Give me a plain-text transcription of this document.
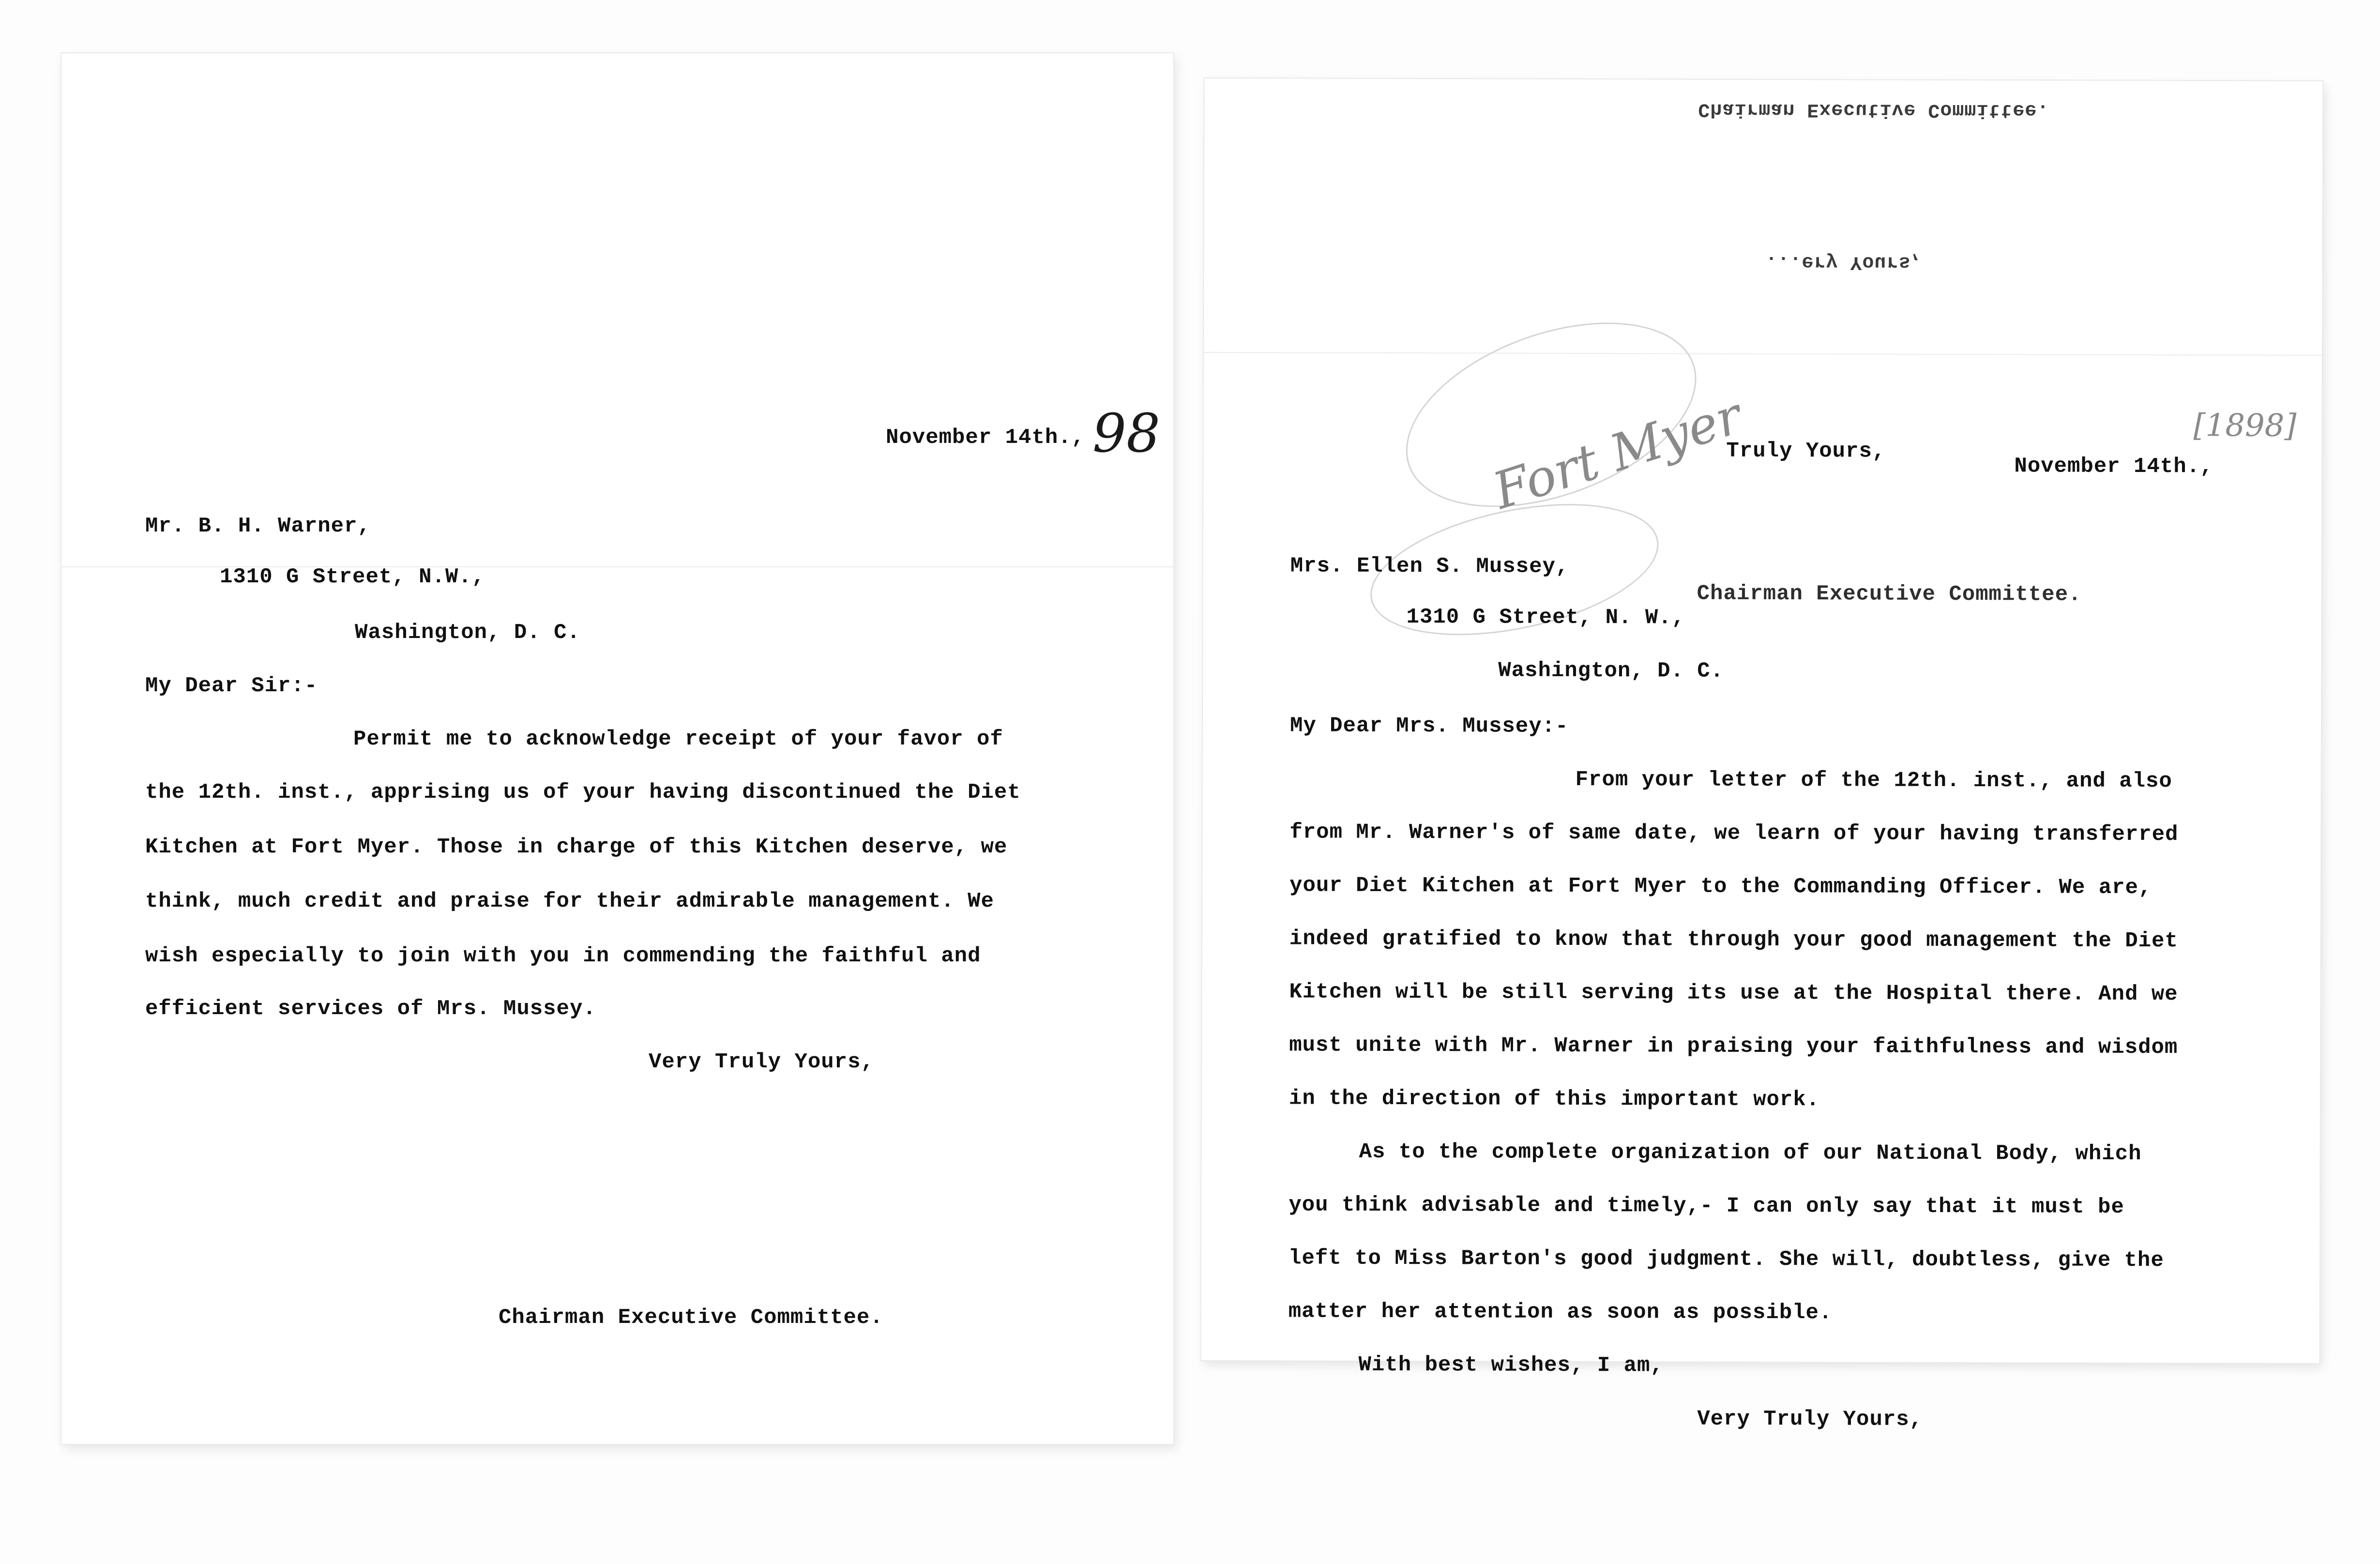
November 14th., 98
Mr. B. H. Warner,
1310 G Street, N.W.,
Washington, D. C.
My Dear Sir:-
Permit me to acknowledge receipt of your favor of
the 12th. inst., apprising us of your having discontinued the Diet
Kitchen at Fort Myer. Those in charge of this Kitchen deserve, we
think, much credit and praise for their admirable management. We
wish especially to join with you in commending the faithful and
efficient services of Mrs. Mussey.
Very Truly Yours,
Chairman Executive Committee.
Chairman Executive Committee.
...ery Yours,
Fort Myer	[1898]
Truly Yours,
November 14th.,
Mrs. Ellen S. Mussey,
Chairman Executive Committee.
1310 G Street, N. W.,
Washington, D. C.
My Dear Mrs. Mussey:-
From your letter of the 12th. inst., and also
from Mr. Warner's of same date, we learn of your having transferred
your Diet Kitchen at Fort Myer to the Commanding Officer. We are,
indeed gratified to know that through your good management the Diet
Kitchen will be still serving its use at the Hospital there. And we
must unite with Mr. Warner in praising your faithfulness and wisdom
in the direction of this important work.
As to the complete organization of our National Body, which
you think advisable and timely,- I can only say that it must be
left to Miss Barton's good judgment. She will, doubtless, give the
matter her attention as soon as possible.
With best wishes, I am,
Very Truly Yours,
